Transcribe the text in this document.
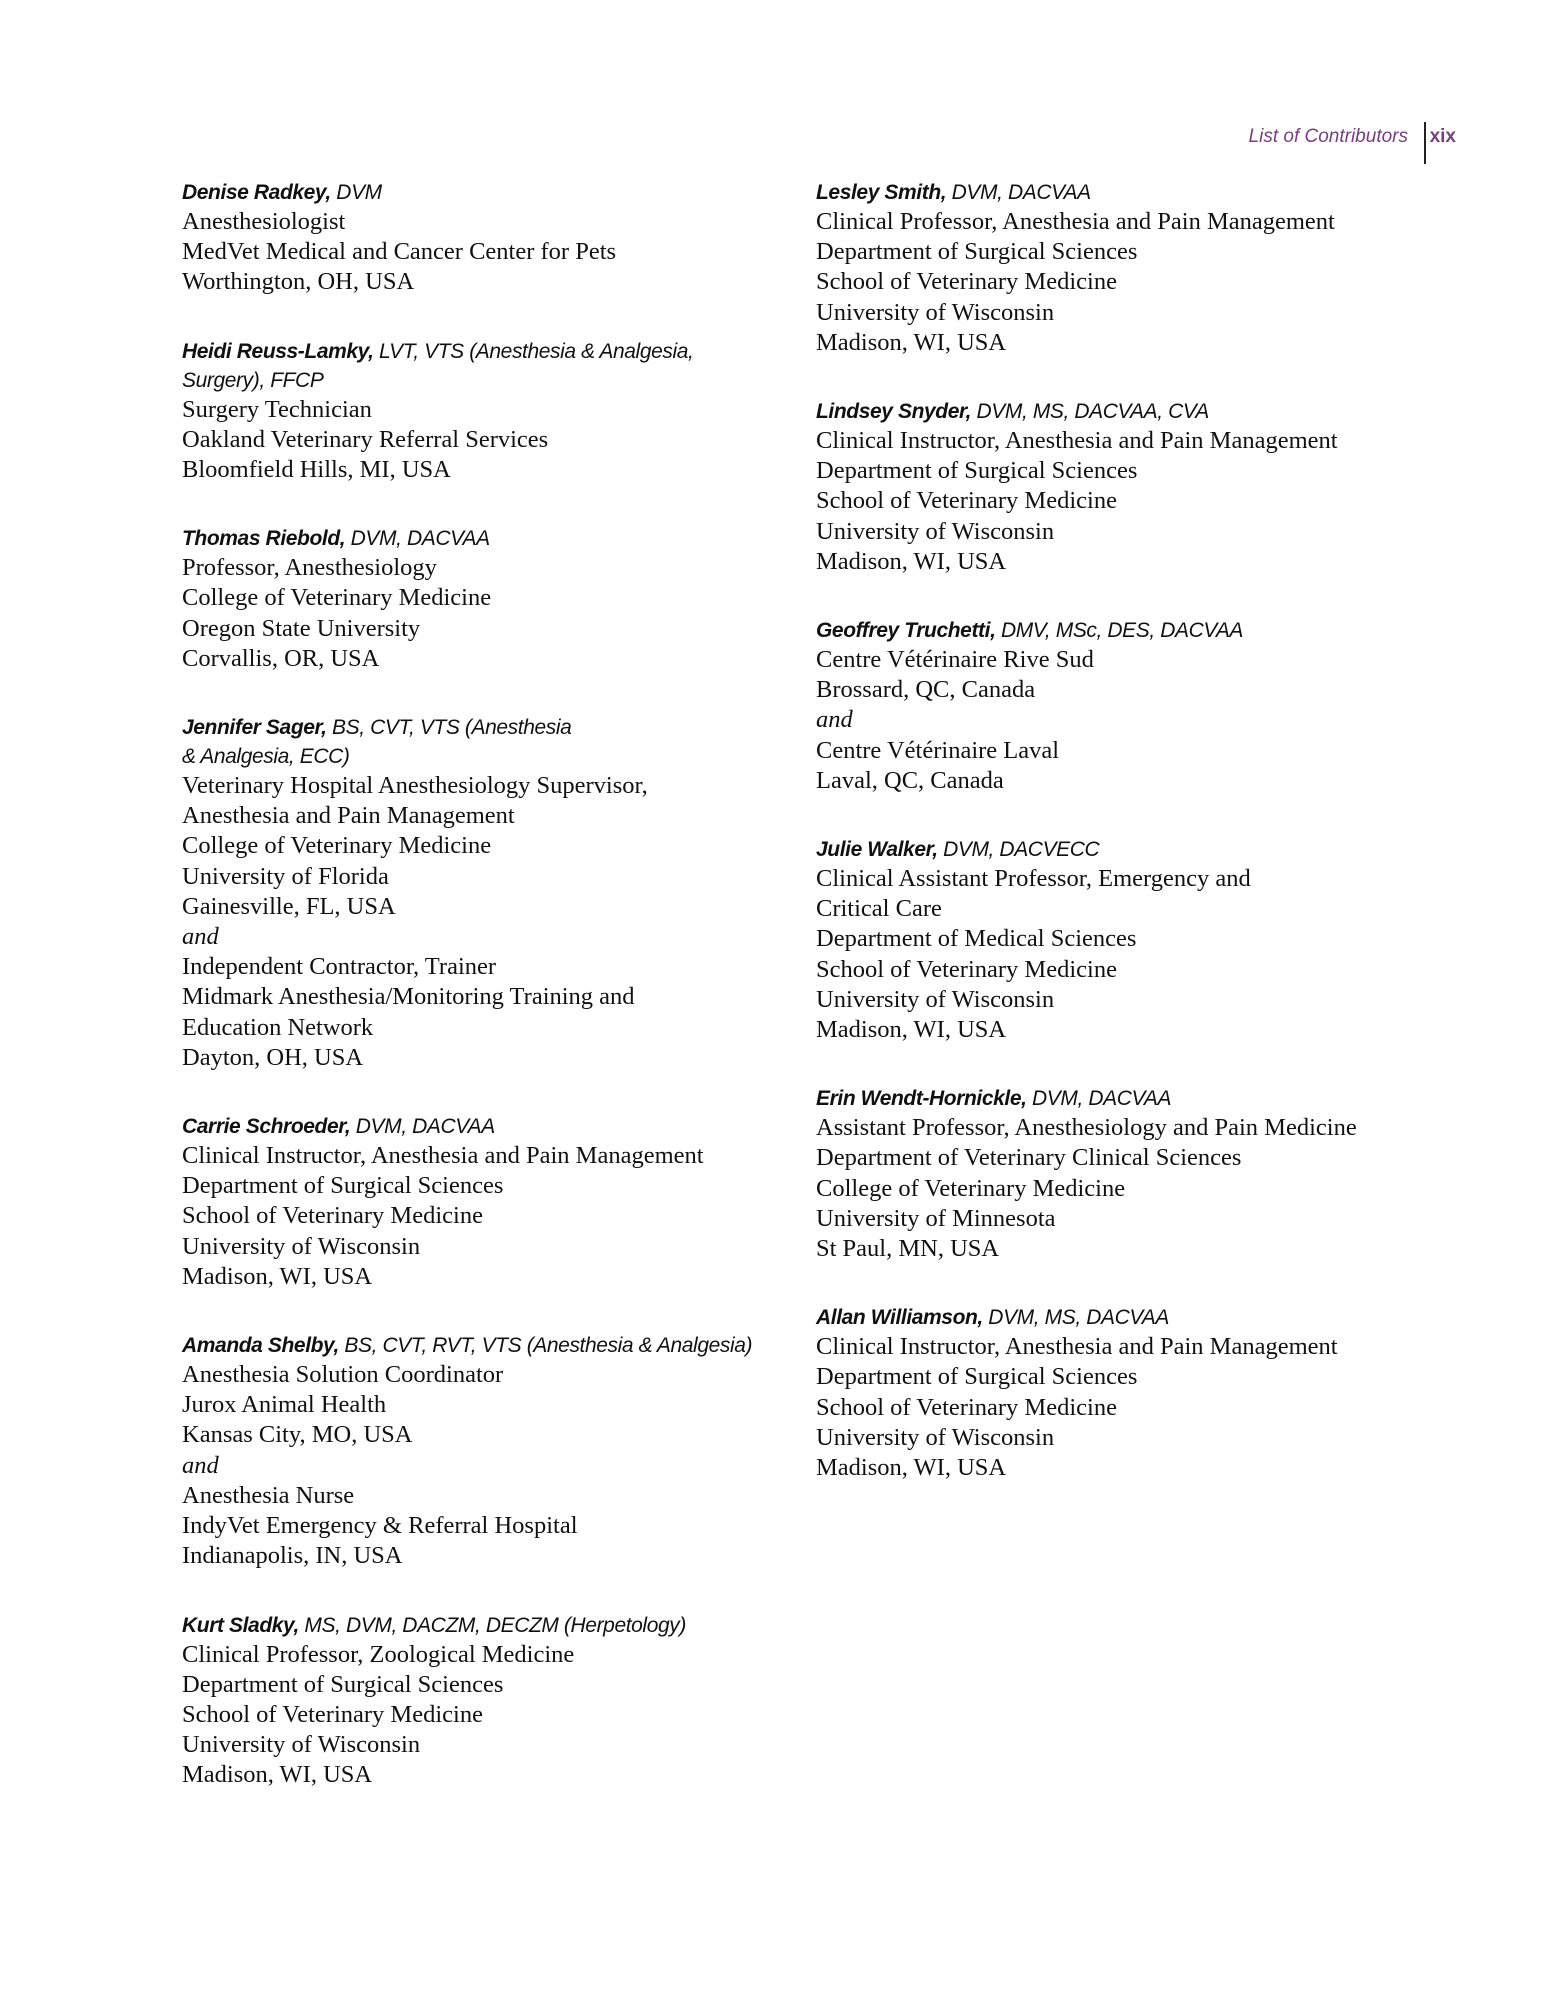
List of Contributors xix
Denise Radkey, DVM
Anesthesiologist
MedVet Medical and Cancer Center for Pets
Worthington, OH, USA
Heidi Reuss-Lamky, LVT, VTS (Anesthesia & Analgesia,
Surgery), FFCP
Surgery Technician
Oakland Veterinary Referral Services
Bloomfield Hills, MI, USA
Thomas Riebold, DVM, DACVAA
Professor, Anesthesiology
College of Veterinary Medicine
Oregon State University
Corvallis, OR, USA
Jennifer Sager, BS, CVT, VTS (Anesthesia
& Analgesia, ECC)
Veterinary Hospital Anesthesiology Supervisor,
Anesthesia and Pain Management
College of Veterinary Medicine
University of Florida
Gainesville, FL, USA
and
Independent Contractor, Trainer
Midmark Anesthesia/Monitoring Training and
Education Network
Dayton, OH, USA
Carrie Schroeder, DVM, DACVAA
Clinical Instructor, Anesthesia and Pain Management
Department of Surgical Sciences
School of Veterinary Medicine
University of Wisconsin
Madison, WI, USA
Amanda Shelby, BS, CVT, RVT, VTS (Anesthesia & Analgesia)
Anesthesia Solution Coordinator
Jurox Animal Health
Kansas City, MO, USA
and
Anesthesia Nurse
IndyVet Emergency & Referral Hospital
Indianapolis, IN, USA
Kurt Sladky, MS, DVM, DACZM, DECZM (Herpetology)
Clinical Professor, Zoological Medicine
Department of Surgical Sciences
School of Veterinary Medicine
University of Wisconsin
Madison, WI, USA
Lesley Smith, DVM, DACVAA
Clinical Professor, Anesthesia and Pain Management
Department of Surgical Sciences
School of Veterinary Medicine
University of Wisconsin
Madison, WI, USA
Lindsey Snyder, DVM, MS, DACVAA, CVA
Clinical Instructor, Anesthesia and Pain Management
Department of Surgical Sciences
School of Veterinary Medicine
University of Wisconsin
Madison, WI, USA
Geoffrey Truchetti, DMV, MSc, DES, DACVAA
Centre Vétérinaire Rive Sud
Brossard, QC, Canada
and
Centre Vétérinaire Laval
Laval, QC, Canada
Julie Walker, DVM, DACVECC
Clinical Assistant Professor, Emergency and
Critical Care
Department of Medical Sciences
School of Veterinary Medicine
University of Wisconsin
Madison, WI, USA
Erin Wendt-Hornickle, DVM, DACVAA
Assistant Professor, Anesthesiology and Pain Medicine
Department of Veterinary Clinical Sciences
College of Veterinary Medicine
University of Minnesota
St Paul, MN, USA
Allan Williamson, DVM, MS, DACVAA
Clinical Instructor, Anesthesia and Pain Management
Department of Surgical Sciences
School of Veterinary Medicine
University of Wisconsin
Madison, WI, USA
